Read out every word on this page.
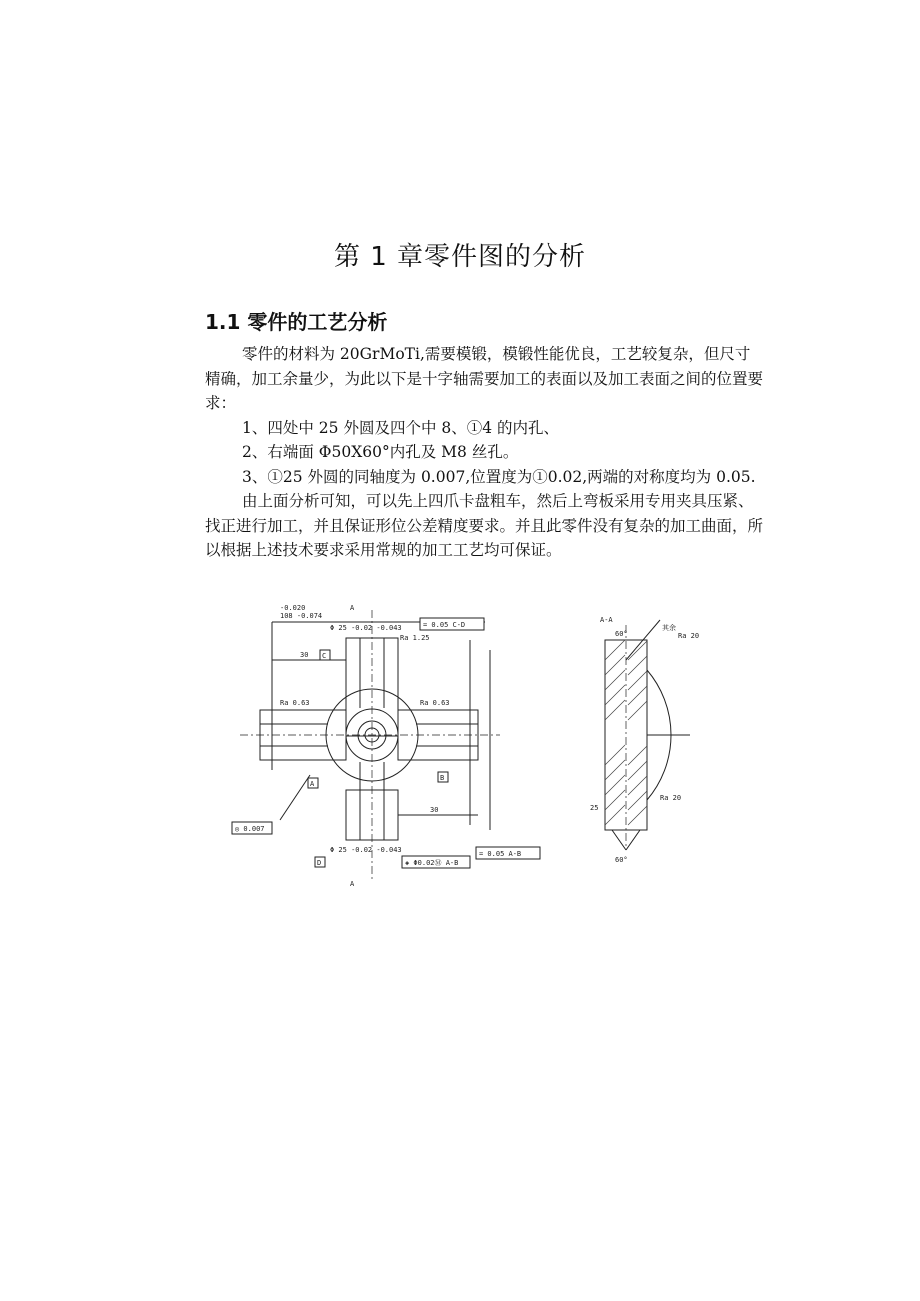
第 1 章零件图的分析
1.1 零件的工艺分析

零件的材料为 20GrMoTi,需要模锻，模锻性能优良，工艺较复杂，但尺寸精确，加工余量少，为此以下是十字轴需要加工的表面以及加工表面之间的位置要求：

1、四处中 25 外圆及四个中 8、①4 的内孔、

2、右端面 Φ50X60°内孔及 M8 丝孔。

3、①25 外圆的同轴度为 0.007,位置度为①0.02,两端的对称度均为 0.05.

由上面分析可知，可以先上四爪卡盘粗车，然后上弯板采用专用夹具压紧、找正进行加工，并且保证形位公差精度要求。并且此零件没有复杂的加工曲面，所以根据上述技术要求采用常规的加工工艺均可保证。

-0.020
108 -0.074
A
= 0.05 C-D
= 0.05 A-B
◈ Φ0.02Ⓜ A-B
◎ 0.007
Ra 1.25
Ra 0.63	Ra 0.63
Φ 25 -0.02 -0.043
Φ 25 -0.02 -0.043
30
30
C
D
A
B
A
A-A
60°
60°
Ra 20
Ra 20
25
其余
